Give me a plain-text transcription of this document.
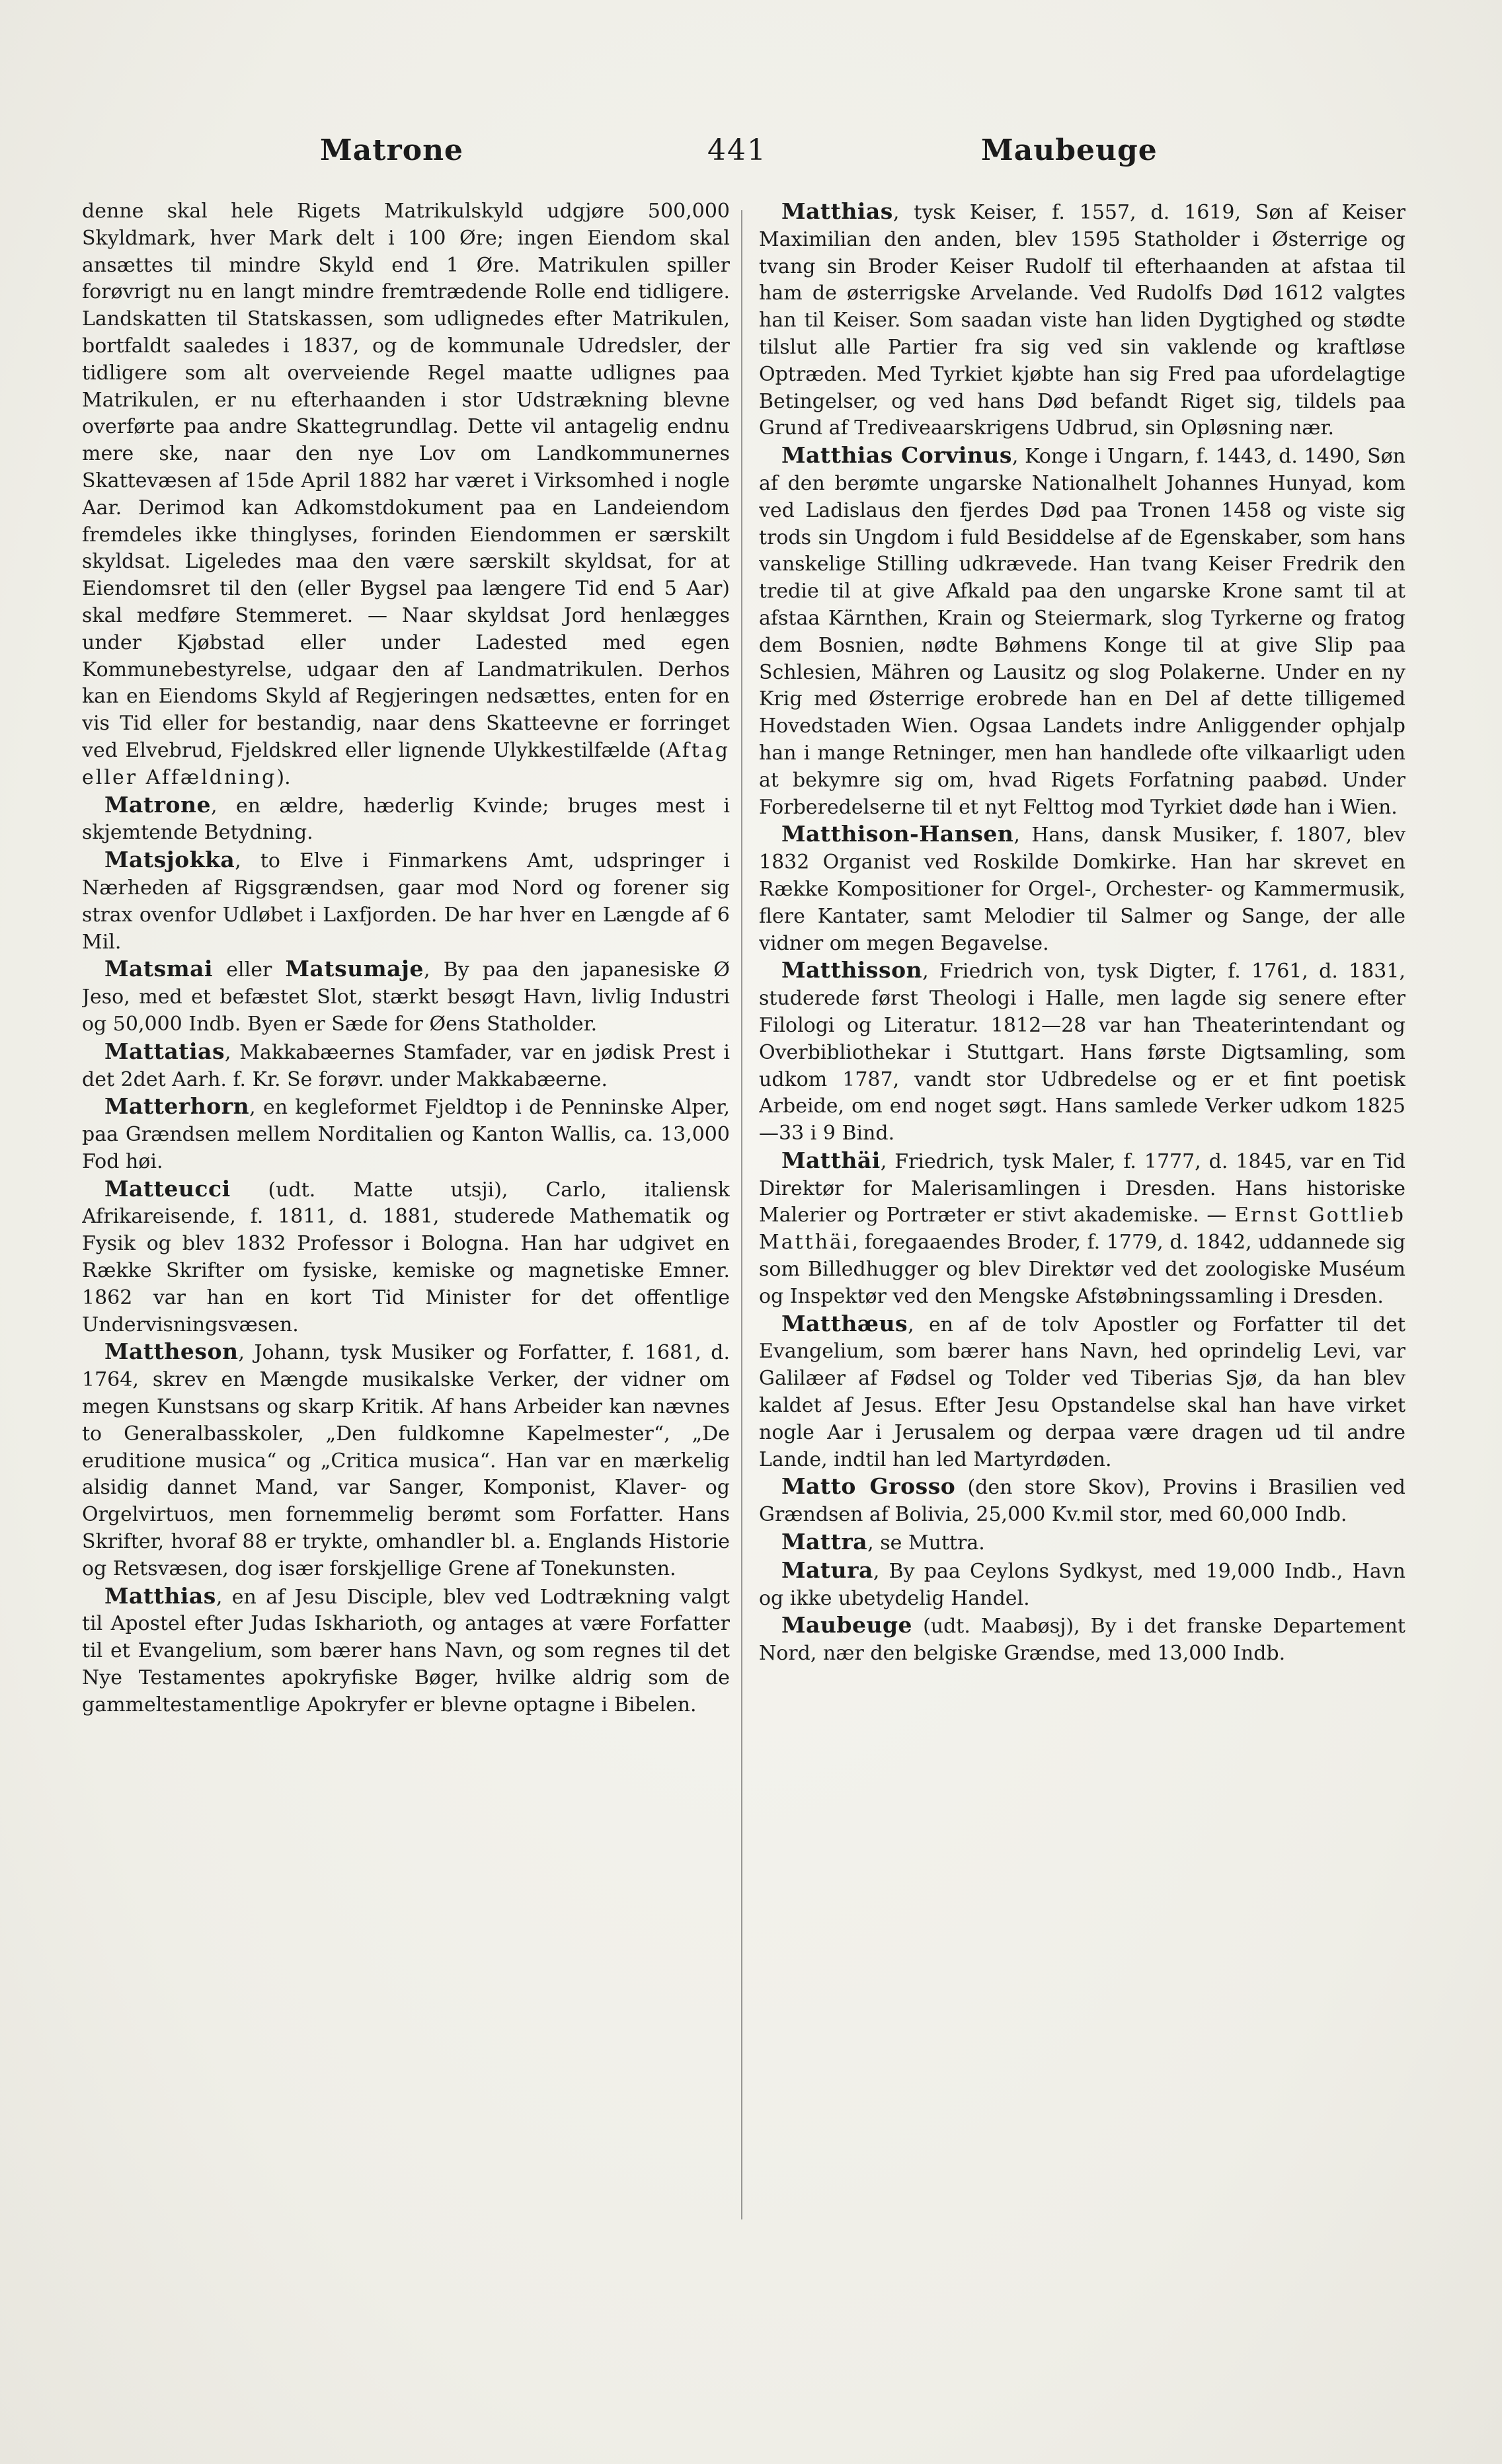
Matrone	441	Maubeuge

denne skal hele Rigets Matrikulskyld udgjøre 500,000 Skyldmark, hver Mark delt i 100 Øre; ingen Eiendom skal ansættes til mindre Skyld end 1 Øre. Matrikulen spiller forøvrigt nu en langt mindre fremtrædende Rolle end tidligere. Landskatten til Statskassen, som udlignedes efter Matrikulen, bortfaldt saaledes i 1837, og de kommunale Udredsler, der tidligere som alt overveiende Regel maatte udlignes paa Matrikulen, er nu efterhaanden i stor Udstrækning blevne overførte paa andre Skattegrundlag. Dette vil antagelig endnu mere ske, naar den nye Lov om Landkommunernes Skattevæsen af 15de April 1882 har været i Virksomhed i nogle Aar. Derimod kan Adkomstdokument paa en Landeiendom fremdeles ikke thinglyses, forinden Eiendommen er særskilt skyldsat. Ligeledes maa den være særskilt skyldsat, for at Eiendomsret til den (eller Bygsel paa længere Tid end 5 Aar) skal medføre Stemmeret. — Naar skyldsat Jord henlægges under Kjøbstad eller under Ladested med egen Kommunebestyrelse, udgaar den af Landmatrikulen. Derhos kan en Eiendoms Skyld af Regjeringen nedsættes, enten for en vis Tid eller for bestandig, naar dens Skatteevne er forringet ved Elvebrud, Fjeldskred eller lignende Ulykkestilfælde (Aftag eller Affældning).

Matrone, en ældre, hæderlig Kvinde; bruges mest i skjemtende Betydning.

Matsjokka, to Elve i Finmarkens Amt, udspringer i Nærheden af Rigsgrændsen, gaar mod Nord og forener sig strax ovenfor Udløbet i Laxfjorden. De har hver en Længde af 6 Mil.

Matsmai eller Matsumaje, By paa den japanesiske Ø Jeso, med et befæstet Slot, stærkt besøgt Havn, livlig Industri og 50,000 Indb. Byen er Sæde for Øens Statholder.

Mattatias, Makkabæernes Stamfader, var en jødisk Prest i det 2det Aarh. f. Kr. Se forøvr. under Makkabæerne.

Matterhorn, en kegleformet Fjeldtop i de Penninske Alper, paa Grændsen mellem Norditalien og Kanton Wallis, ca. 13,000 Fod høi.

Matteucci (udt. Matte utsji), Carlo, italiensk Afrikareisende, f. 1811, d. 1881, studerede Mathematik og Fysik og blev 1832 Professor i Bologna. Han har udgivet en Række Skrifter om fysiske, kemiske og magnetiske Emner. 1862 var han en kort Tid Minister for det offentlige Undervisningsvæsen.

Mattheson, Johann, tysk Musiker og Forfatter, f. 1681, d. 1764, skrev en Mængde musikalske Verker, der vidner om megen Kunstsans og skarp Kritik. Af hans Arbeider kan nævnes to Generalbasskoler, „Den fuldkomne Kapelmester“, „De eruditione musica“ og „Critica musica“. Han var en mærkelig alsidig dannet Mand, var Sanger, Komponist, Klaver- og Orgelvirtuos, men fornemmelig berømt som Forfatter. Hans Skrifter, hvoraf 88 er trykte, omhandler bl. a. Englands Historie og Retsvæsen, dog især forskjellige Grene af Tonekunsten.

Matthias, en af Jesu Disciple, blev ved Lodtrækning valgt til Apostel efter Judas Iskharioth, og antages at være Forfatter til et Evangelium, som bærer hans Navn, og som regnes til det Nye Testamentes apokryfiske Bøger, hvilke aldrig som de gammeltestamentlige Apokryfer er blevne optagne i Bibelen.

Matthias, tysk Keiser, f. 1557, d. 1619, Søn af Keiser Maximilian den anden, blev 1595 Statholder i Østerrige og tvang sin Broder Keiser Rudolf til efterhaanden at afstaa til ham de østerrigske Arvelande. Ved Rudolfs Død 1612 valgtes han til Keiser. Som saadan viste han liden Dygtighed og stødte tilslut alle Partier fra sig ved sin vaklende og kraftløse Optræden. Med Tyrkiet kjøbte han sig Fred paa ufordelagtige Betingelser, og ved hans Død befandt Riget sig, tildels paa Grund af Tredivеaarskrigens Udbrud, sin Opløsning nær.

Matthias Corvinus, Konge i Ungarn, f. 1443, d. 1490, Søn af den berømte ungarske Nationalhelt Johannes Hunyad, kom ved Ladislaus den fjerdes Død paa Tronen 1458 og viste sig trods sin Ungdom i fuld Besiddelse af de Egenskaber, som hans vanskelige Stilling udkrævede. Han tvang Keiser Fredrik den tredie til at give Afkald paa den ungarske Krone samt til at afstaa Kärnthen, Krain og Steiermark, slog Tyrkerne og fratog dem Bosnien, nødte Bøhmens Konge til at give Slip paa Schlesien, Mähren og Lausitz og slog Polakerne. Under en ny Krig med Østerrige erobrede han en Del af dette tilligemed Hovedstaden Wien. Ogsaa Landets indre Anliggender ophjalp han i mange Retninger, men han handlede ofte vilkaarligt uden at bekymre sig om, hvad Rigets Forfatning paabød. Under Forberedelserne til et nyt Felttog mod Tyrkiet døde han i Wien.

Matthison-Hansen, Hans, dansk Musiker, f. 1807, blev 1832 Organist ved Roskilde Domkirke. Han har skrevet en Række Kompositioner for Orgel-, Orchester- og Kammermusik, flere Kantater, samt Melodier til Salmer og Sange, der alle vidner om megen Begavelse.

Matthisson, Friedrich von, tysk Digter, f. 1761, d. 1831, studerede først Theologi i Halle, men lagde sig senere efter Filologi og Literatur. 1812—28 var han Theaterintendant og Overbibliothekar i Stuttgart. Hans første Digtsamling, som udkom 1787, vandt stor Udbredelse og er et fint poetisk Arbeide, om end noget søgt. Hans samlede Verker udkom 1825—33 i 9 Bind.

Matthäi, Friedrich, tysk Maler, f. 1777, d. 1845, var en Tid Direktør for Malerisamlingen i Dresden. Hans historiske Malerier og Portræter er stivt akademiske. — Ernst Gottlieb Matthäi, foregaaendes Broder, f. 1779, d. 1842, uddannede sig som Billedhugger og blev Direktør ved det zoologiske Muséum og Inspektør ved den Mengske Afstøbningssamling i Dresden.

Matthæus, en af de tolv Apostler og Forfatter til det Evangelium, som bærer hans Navn, hed oprindelig Levi, var Galilæer af Fødsel og Tolder ved Tiberias Sjø, da han blev kaldet af Jesus. Efter Jesu Opstandelse skal han have virket nogle Aar i Jerusalem og derpaa være dragen ud til andre Lande, indtil han led Martyrdøden.

Matto Grosso (den store Skov), Provins i Brasilien ved Grændsen af Bolivia, 25,000 Kv.mil stor, med 60,000 Indb.

Mattra, se Muttra.

Matura, By paa Ceylons Sydkyst, med 19,000 Indb., Havn og ikke ubetydelig Handel.

Maubeuge (udt. Maabøsj), By i det franske Departement Nord, nær den belgiske Grændse, med 13,000 Indb.
